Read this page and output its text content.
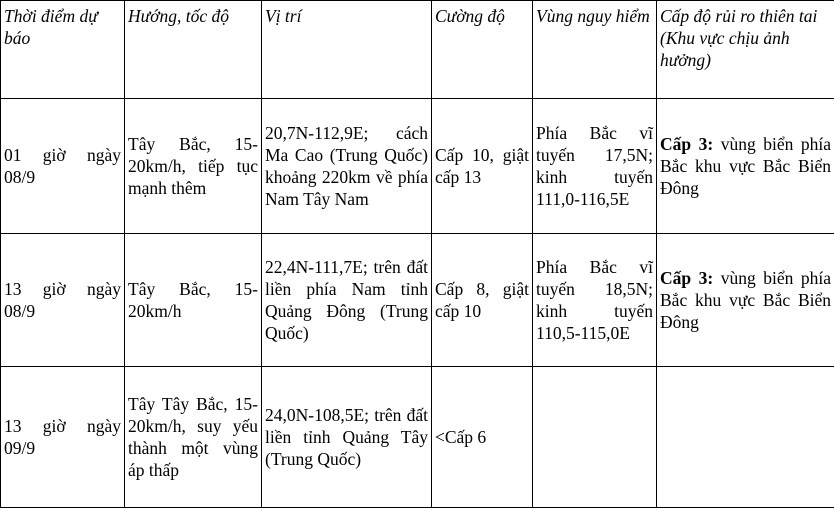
Thời điểm dự báo	Hướng, tốc độ	Vị trí	Cường độ	Vùng nguy hiểm	Cấp độ rủi ro thiên tai (Khu vực chịu ảnh hưởng)
01 giờ ngày 08/9	Tây Bắc, 15-20km/h, tiếp tục mạnh thêm	20,7N-112,9E; cách Ma Cao (Trung Quốc) khoảng 220km về phía Nam Tây Nam	Cấp 10, giật cấp 13	Phía Bắc vĩ tuyến 17,5N; kinh tuyến 111,0-116,5E	Cấp 3: vùng biển phía Bắc khu vực Bắc Biển Đông
13 giờ ngày 08/9	Tây Bắc, 15-20km/h	22,4N-111,7E; trên đất liền phía Nam tỉnh Quảng Đông (Trung Quốc)	Cấp 8, giật cấp 10	Phía Bắc vĩ tuyến 18,5N; kinh tuyến 110,5-115,0E	Cấp 3: vùng biển phía Bắc khu vực Bắc Biển Đông
13 giờ ngày 09/9	Tây Tây Bắc, 15-20km/h, suy yếu thành một vùng áp thấp	24,0N-108,5E; trên đất liền tỉnh Quảng Tây (Trung Quốc)	<Cấp 6		
